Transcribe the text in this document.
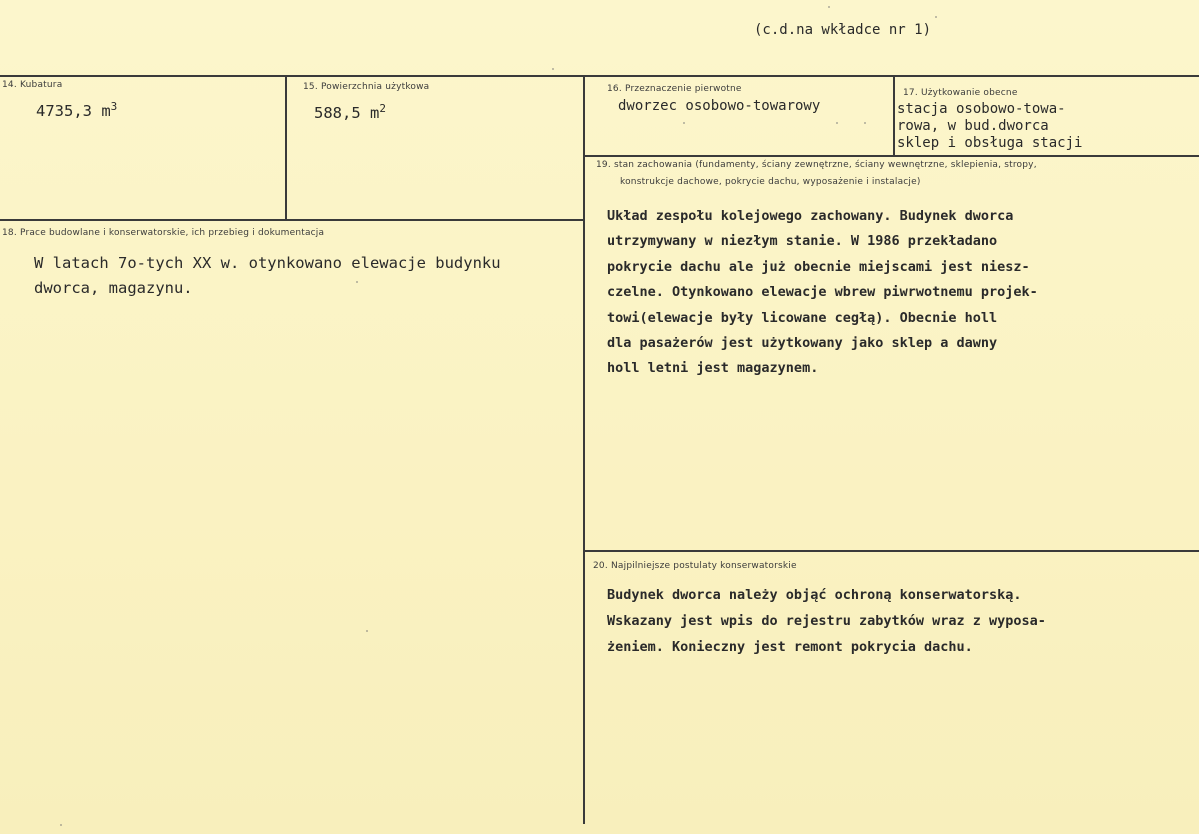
(c.d.na wkładce nr 1)
14. Kubatura
4735,3 $m^3$
15. Powierzchnia użytkowa
588,5 $m^2$
16. Przeznaczenie pierwotne
dworzec osobowo-towarowy
17. Użytkowanie obecne
stacja osobowo-towa-
rowa, w bud.dworca
sklep i obsługa stacji
18. Prace budowlane i konserwatorskie, ich przebieg i dokumentacja
W latach 7o-tych XX w. otynkowano elewacje budynku
dworca, magazynu.
19. stan zachowania (fundamenty, ściany zewnętrzne, ściany wewnętrzne, sklepienia, stropy,
konstrukcje dachowe, pokrycie dachu, wyposażenie i instalacje)
Układ zespołu kolejowego zachowany. Budynek dworca
utrzymywany w niezłym stanie. W 1986 przekładano
pokrycie dachu ale już obecnie miejscami jest niesz-
czelne. Otynkowano elewacje wbrew piwrwotnemu projek-
towi(elewacje były licowane cegłą). Obecnie holl
dla pasażerów jest użytkowany jako sklep a dawny
holl letni jest magazynem.
20. Najpilniejsze postulaty konserwatorskie
Budynek dworca należy objąć ochroną konserwatorską.
Wskazany jest wpis do rejestru zabytków wraz z wyposa-
żeniem. Konieczny jest remont pokrycia dachu.
